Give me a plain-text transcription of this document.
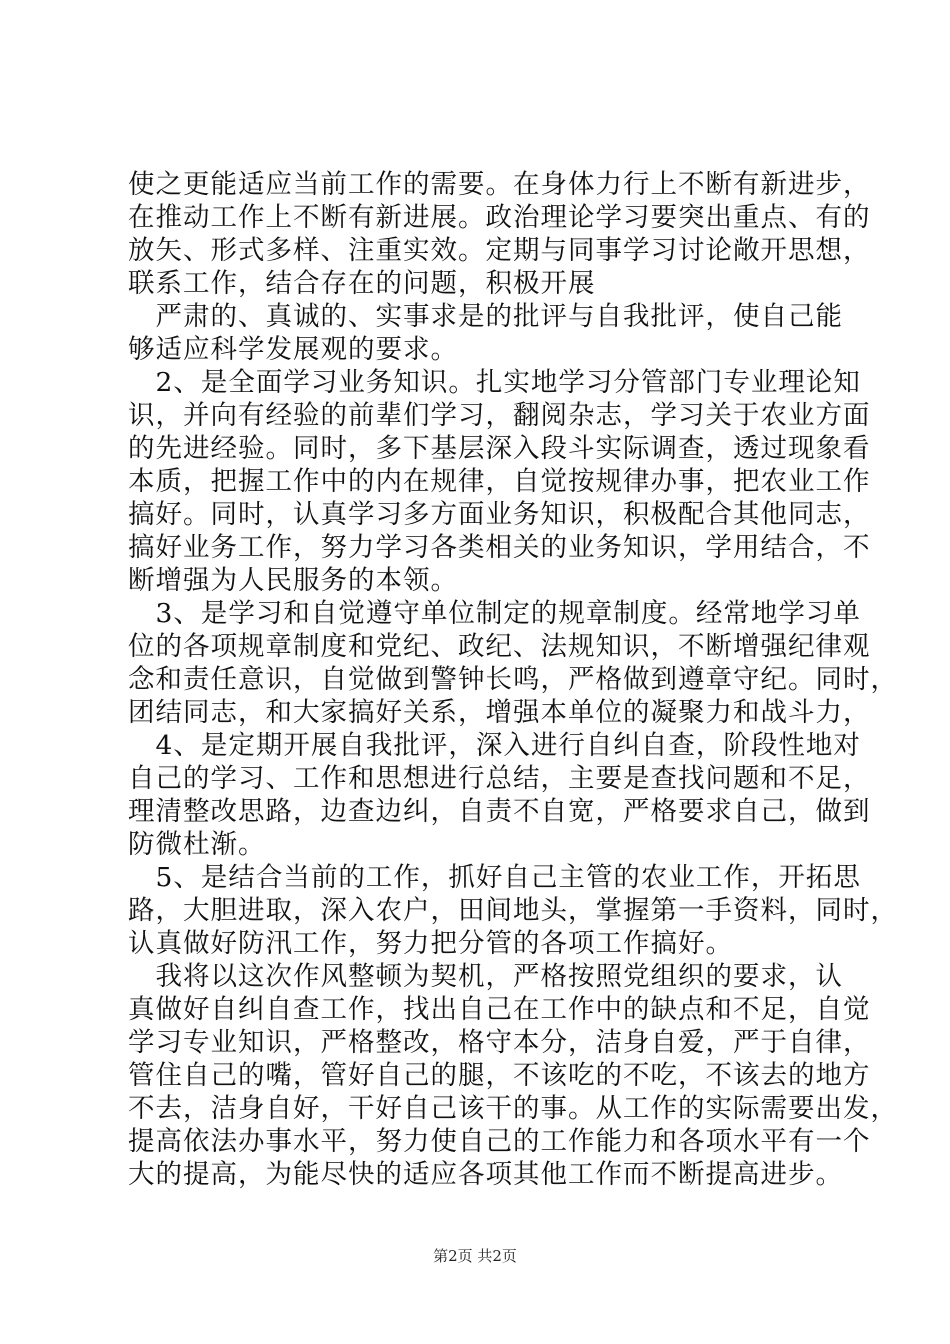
使之更能适应当前工作的需要。在身体力行上不断有新进步，
在推动工作上不断有新进展。政治理论学习要突出重点、有的
放矢、形式多样、注重实效。定期与同事学习讨论敞开思想，
联系工作，结合存在的问题，积极开展
　严肃的、真诚的、实事求是的批评与自我批评，使自己能
够适应科学发展观的要求。
　2、是全面学习业务知识。扎实地学习分管部门专业理论知
识，并向有经验的前辈们学习，翻阅杂志，学习关于农业方面
的先进经验。同时，多下基层深入段斗实际调查，透过现象看
本质，把握工作中的内在规律，自觉按规律办事，把农业工作
搞好。同时，认真学习多方面业务知识，积极配合其他同志，
搞好业务工作，努力学习各类相关的业务知识，学用结合，不
断增强为人民服务的本领。
　3、是学习和自觉遵守单位制定的规章制度。经常地学习单
位的各项规章制度和党纪、政纪、法规知识，不断增强纪律观
念和责任意识，自觉做到警钟长鸣，严格做到遵章守纪。同时，
团结同志，和大家搞好关系，增强本单位的凝聚力和战斗力，
　4、是定期开展自我批评，深入进行自纠自查，阶段性地对
自己的学习、工作和思想进行总结，主要是查找问题和不足，
理清整改思路，边查边纠，自责不自宽，严格要求自己，做到
防微杜渐。
　5、是结合当前的工作，抓好自己主管的农业工作，开拓思
路，大胆进取，深入农户，田间地头，掌握第一手资料，同时，
认真做好防汛工作，努力把分管的各项工作搞好。
　我将以这次作风整顿为契机，严格按照党组织的要求，认
真做好自纠自查工作，找出自己在工作中的缺点和不足，自觉
学习专业知识，严格整改，格守本分，洁身自爱，严于自律，
管住自己的嘴，管好自己的腿，不该吃的不吃，不该去的地方
不去，洁身自好，干好自己该干的事。从工作的实际需要出发，
提高依法办事水平，努力使自己的工作能力和各项水平有一个
大的提高，为能尽快的适应各项其他工作而不断提高进步。
第2页 共2页
